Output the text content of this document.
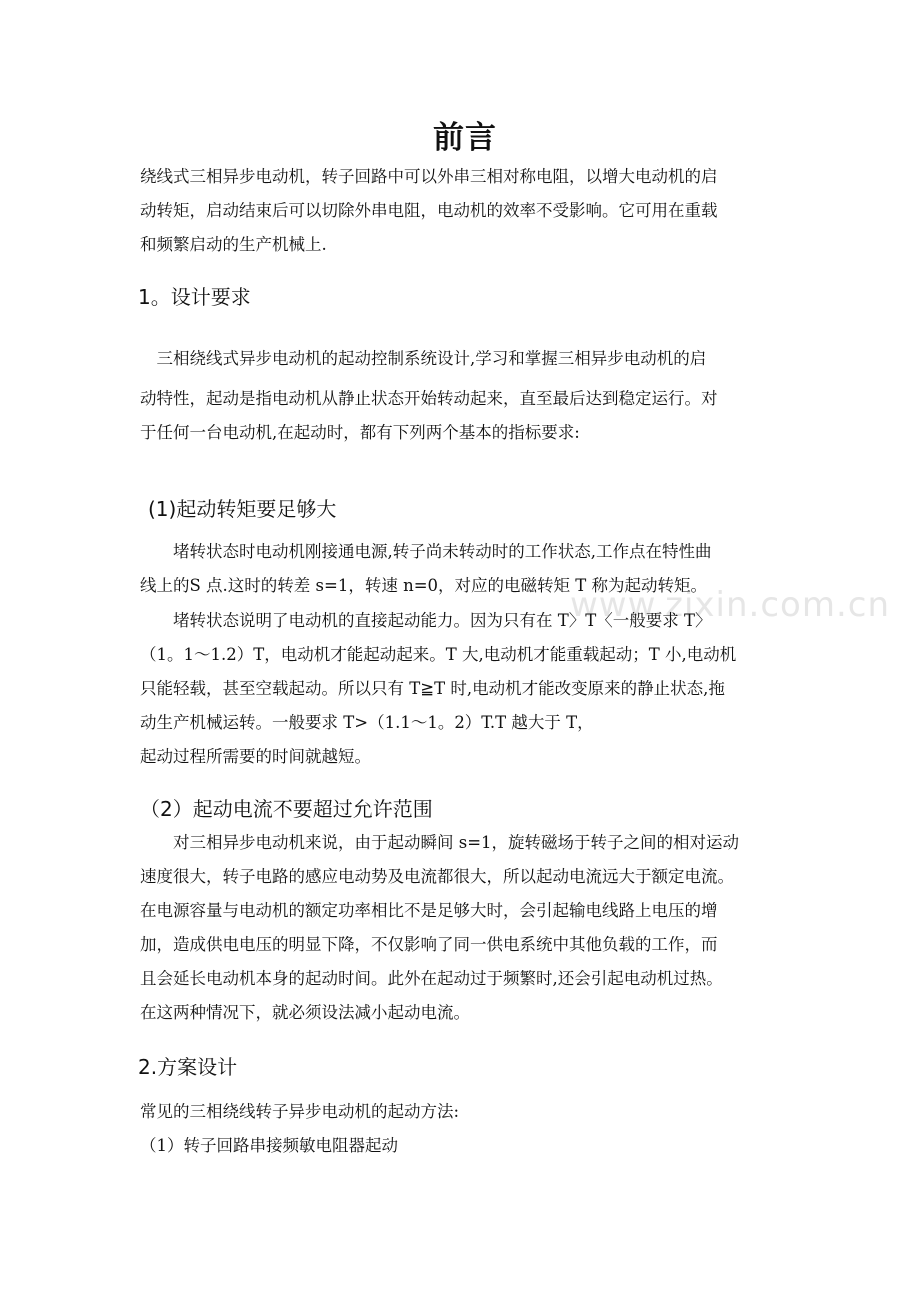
www.zixin.com.cn
前言

绕线式三相异步电动机，转子回路中可以外串三相对称电阻，以增大电动机的启
动转矩，启动结束后可以切除外串电阻，电动机的效率不受影响。它可用在重载
和频繁启动的生产机械上.

1。设计要求

　三相绕线式异步电动机的起动控制系统设计,学习和掌握三相异步电动机的启
动特性，起动是指电动机从静止状态开始转动起来，直至最后达到稳定运行。对
于任何一台电动机,在起动时，都有下列两个基本的指标要求:

(1)起动转矩要足够大

　　堵转状态时电动机刚接通电源,转子尚未转动时的工作状态,工作点在特性曲
线上的S 点.这时的转差 s=1，转速 n=0，对应的电磁转矩 T 称为起动转矩。

　　堵转状态说明了电动机的直接起动能力。因为只有在 T〉T〈一般要求 T〉
（1。1～1.2）T，电动机才能起动起来。T 大,电动机才能重载起动；T 小,电动机
只能轻载，甚至空载起动。所以只有 T≧T 时,电动机才能改变原来的静止状态,拖
动生产机械运转。一般要求 T>（1.1～1。2）T.T 越大于 T，
起动过程所需要的时间就越短。

（2）起动电流不要超过允许范围

　　对三相异步电动机来说，由于起动瞬间 s=1，旋转磁场于转子之间的相对运动
速度很大，转子电路的感应电动势及电流都很大，所以起动电流远大于额定电流。
在电源容量与电动机的额定功率相比不是足够大时，会引起输电线路上电压的增
加，造成供电电压的明显下降，不仅影响了同一供电系统中其他负载的工作，而
且会延长电动机本身的起动时间。此外在起动过于频繁时,还会引起电动机过热。
在这两种情况下，就必须设法减小起动电流。

2.方案设计

常见的三相绕线转子异步电动机的起动方法:
（1）转子回路串接频敏电阻器起动
